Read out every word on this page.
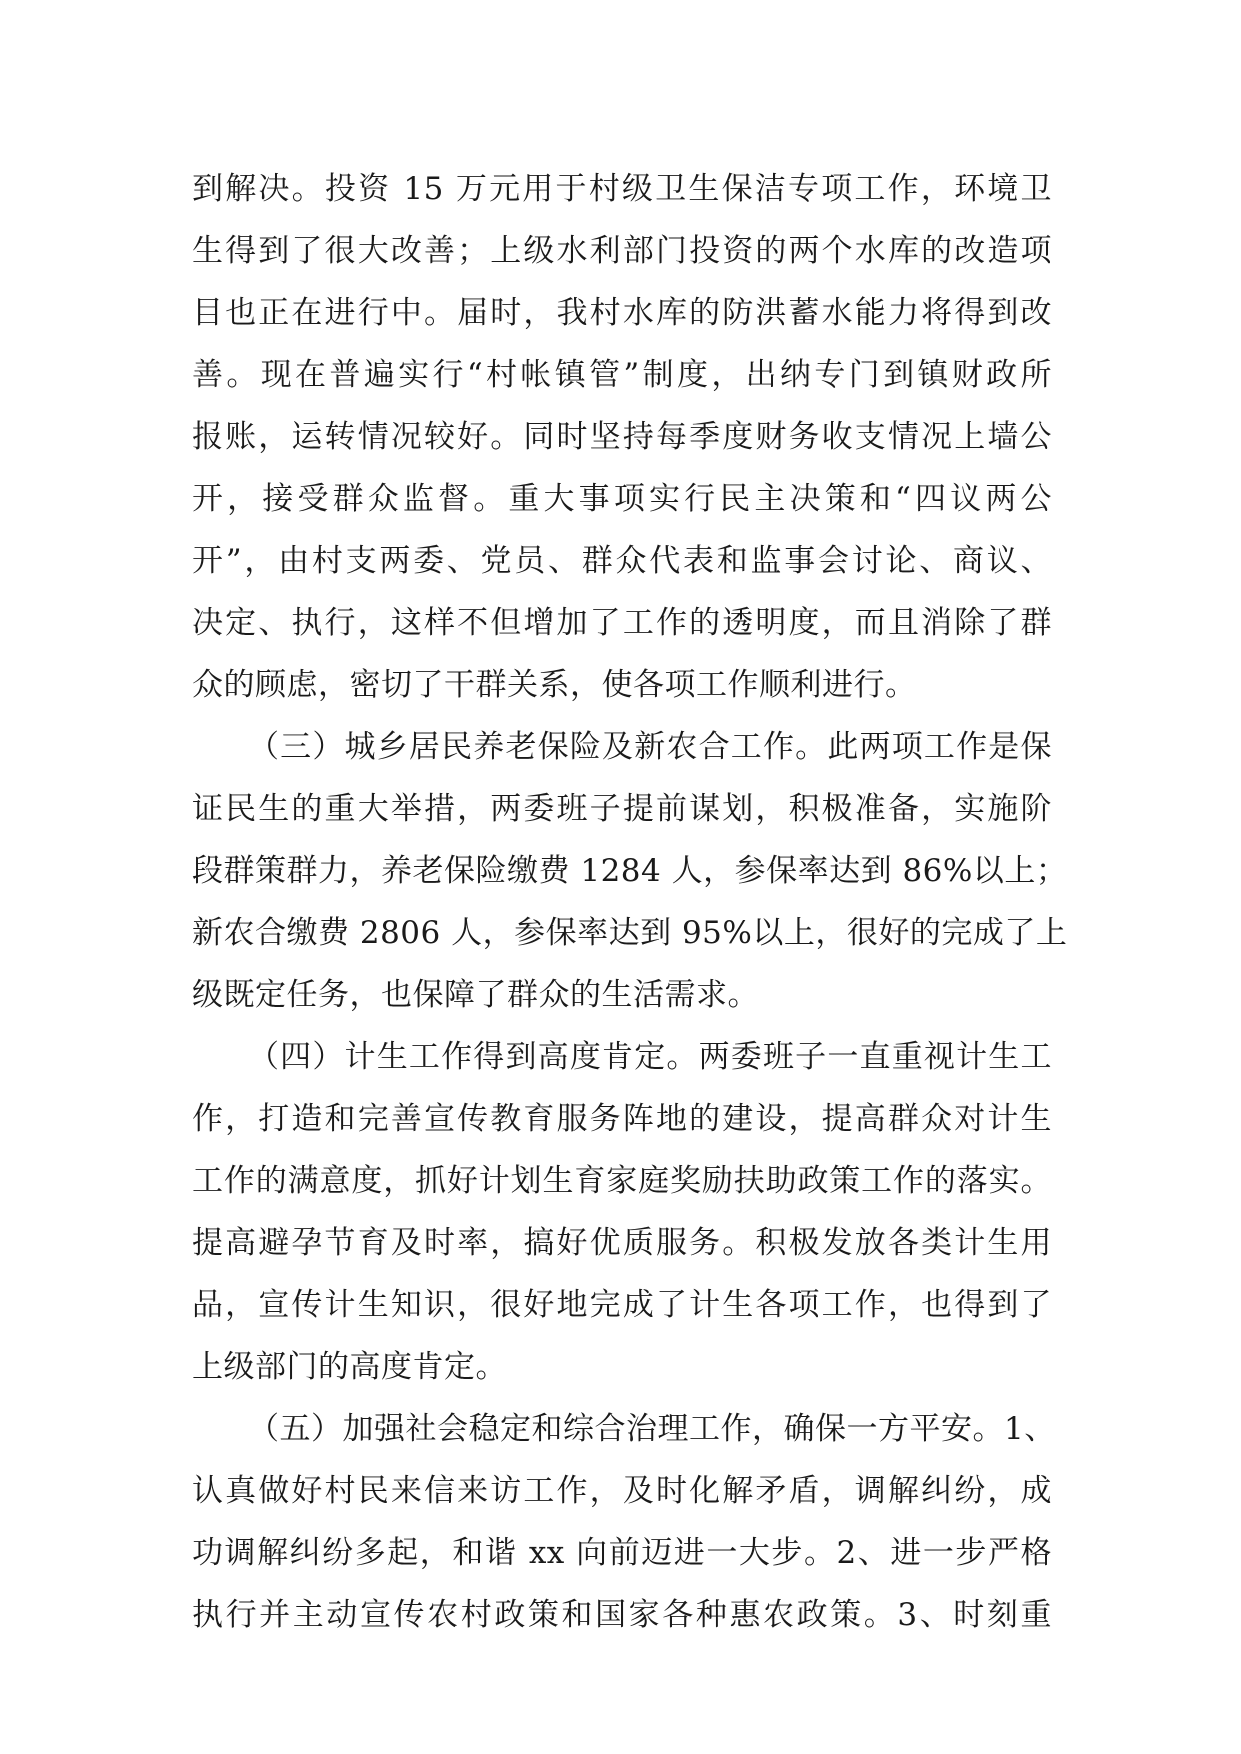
到解决。投资 15 万元用于村级卫生保洁专项工作，环境卫
生得到了很大改善；上级水利部门投资的两个水库的改造项
目也正在进行中。届时，我村水库的防洪蓄水能力将得到改
善。现在普遍实行“村帐镇管”制度，出纳专门到镇财政所
报账，运转情况较好。同时坚持每季度财务收支情况上墙公
开，接受群众监督。重大事项实行民主决策和“四议两公
开”，由村支两委、党员、群众代表和监事会讨论、商议、
决定、执行，这样不但增加了工作的透明度，而且消除了群
众的顾虑，密切了干群关系，使各项工作顺利进行。
（三）城乡居民养老保险及新农合工作。此两项工作是保
证民生的重大举措，两委班子提前谋划，积极准备，实施阶
段群策群力，养老保险缴费 1284 人，参保率达到 86%以上；
新农合缴费 2806 人，参保率达到 95%以上，很好的完成了上
级既定任务，也保障了群众的生活需求。
（四）计生工作得到高度肯定。两委班子一直重视计生工
作，打造和完善宣传教育服务阵地的建设，提高群众对计生
工作的满意度，抓好计划生育家庭奖励扶助政策工作的落实。
提高避孕节育及时率，搞好优质服务。积极发放各类计生用
品，宣传计生知识，很好地完成了计生各项工作，也得到了
上级部门的高度肯定。
（五）加强社会稳定和综合治理工作，确保一方平安。1、
认真做好村民来信来访工作，及时化解矛盾，调解纠纷，成
功调解纠纷多起，和谐 xx 向前迈进一大步。2、进一步严格
执行并主动宣传农村政策和国家各种惠农政策。3、时刻重
